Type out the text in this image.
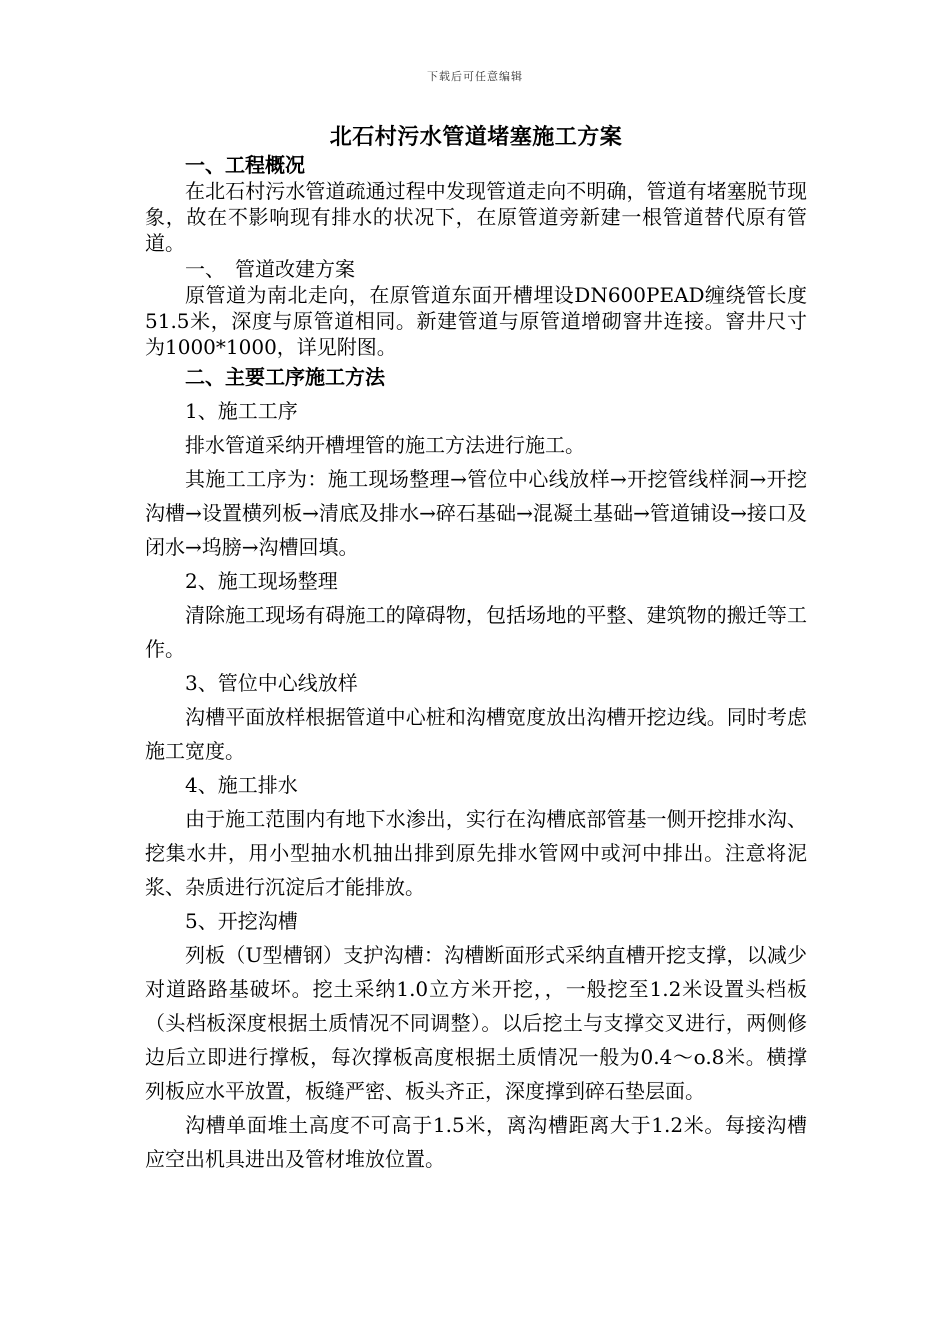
下载后可任意编辑
北石村污水管道堵塞施工方案

一、工程概况

在北石村污水管道疏通过程中发现管道走向不明确，管道有堵塞脱节现象，故在不影响现有排水的状况下，在原管道旁新建一根管道替代原有管道。

一、　管道改建方案

原管道为南北走向，在原管道东面开槽埋设DN600PEAD缠绕管长度51.5米，深度与原管道相同。新建管道与原管道增砌窨井连接。窨井尺寸为1000*1000，详见附图。

二、主要工序施工方法

1、施工工序

排水管道采纳开槽埋管的施工方法进行施工。

其施工工序为：施工现场整理→管位中心线放样→开挖管线样洞→开挖沟槽→设置横列板→清底及排水→碎石基础→混凝土基础→管道铺设→接口及闭水→坞膀→沟槽回填。

2、施工现场整理

清除施工现场有碍施工的障碍物，包括场地的平整、建筑物的搬迁等工作。

3、管位中心线放样

沟槽平面放样根据管道中心桩和沟槽宽度放出沟槽开挖边线。同时考虑施工宽度。

4、施工排水

由于施工范围内有地下水渗出，实行在沟槽底部管基一侧开挖排水沟、挖集水井，用小型抽水机抽出排到原先排水管网中或河中排出。注意将泥浆、杂质进行沉淀后才能排放。

5、开挖沟槽

列板（U型槽钢）支护沟槽：沟槽断面形式采纳直槽开挖支撑，以减少对道路路基破坏。挖土采纳1.0立方米开挖，，一般挖至1.2米设置头档板（头档板深度根据土质情况不同调整）。以后挖土与支撑交叉进行，两侧修边后立即进行撑板，每次撑板高度根据土质情况一般为0.4～o.8米。横撑列板应水平放置，板缝严密、板头齐正，深度撑到碎石垫层面。

沟槽单面堆土高度不可高于1.5米，离沟槽距离大于1.2米。每接沟槽应空出机具进出及管材堆放位置。
